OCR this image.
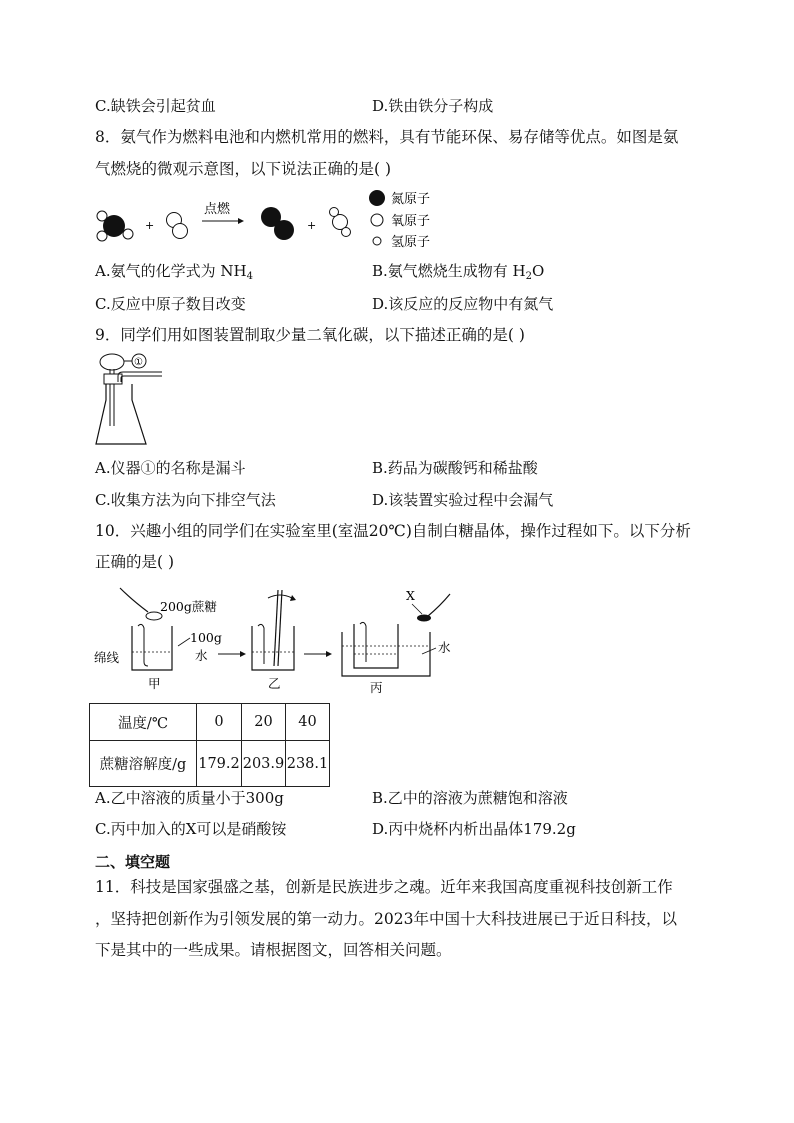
C.缺铁会引起贫血	D.铁由铁分子构成
8．氨气作为燃料电池和内燃机常用的燃料，具有节能环保、易存储等优点。如图是氨
气燃烧的微观示意图，以下说法正确的是( )
+
点燃
+
氮原子
氧原子
氢原子
A.氨气的化学式为 $NH_4$	B.氨气燃烧生成物有 $H_2O$
C.反应中原子数目改变	D.该反应的反应物中有氮气
9．同学们用如图装置制取少量二氧化碳，以下描述正确的是( )
①
A.仪器①的名称是漏斗	B.药品为碳酸钙和稀盐酸
C.收集方法为向下排空气法	D.该装置实验过程中会漏气
10．兴趣小组的同学们在实验室里(室温20℃)自制白糖晶体，操作过程如下。以下分析
正确的是( )
200g蔗糖
100g
水
绵线
甲	乙
X
水
丙
温度/℃	0	20	40
蔗糖溶解度/g	179.2	203.9	238.1
A.乙中溶液的质量小于300g	B.乙中的溶液为蔗糖饱和溶液
C.丙中加入的X可以是硝酸铵	D.丙中烧杯内析出晶体179.2g
二、填空题
11．科技是国家强盛之基，创新是民族进步之魂。近年来我国高度重视科技创新工作
，坚持把创新作为引领发展的第一动力。2023年中国十大科技进展已于近日科技，以
下是其中的一些成果。请根据图文，回答相关问题。
